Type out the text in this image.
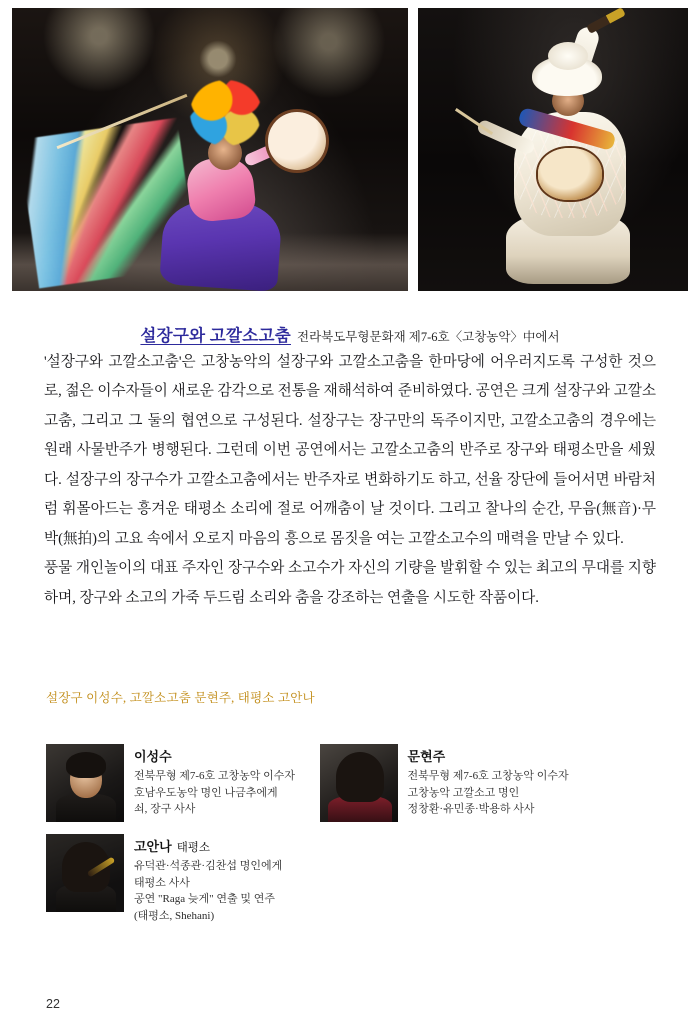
설장구와 고깔소고춤 전라북도무형문화재 제7-6호〈고창농악〉中에서

'설장구와 고깔소고춤'은 고창농악의 설장구와 고깔소고춤을 한마당에 어우러지도록 구성한 것으로, 젊은 이수자들이 새로운 감각으로 전통을 재해석하여 준비하였다. 공연은 크게 설장구와 고깔소고춤, 그리고 그 둘의 협연으로 구성된다. 설장구는 장구만의 독주이지만, 고깔소고춤의 경우에는 원래 사물반주가 병행된다. 그런데 이번 공연에서는 고깔소고춤의 반주로 장구와 태평소만을 세웠다. 설장구의 장구수가 고깔소고춤에서는 반주자로 변화하기도 하고, 선율 장단에 들어서면 바람처럼 휘몰아드는 흥겨운 태평소 소리에 절로 어깨춤이 날 것이다. 그리고 찰나의 순간, 무음(無音)·무박(無拍)의 고요 속에서 오로지 마음의 흥으로 몸짓을 여는 고깔소고수의 매력을 만날 수 있다.

풍물 개인놀이의 대표 주자인 장구수와 소고수가 자신의 기량을 발휘할 수 있는 최고의 무대를 지향하며, 장구와 소고의 가죽 두드림 소리와 춤을 강조하는 연출을 시도한 작품이다.

설장구 이성수, 고깔소고춤 문현주, 태평소 고안나
이성수
전북무형 제7-6호 고창농악 이수자
호남우도농악 명인 나금추에게
쇠, 장구 사사
문현주
전북무형 제7-6호 고창농악 이수자
고창농악 고깔소고 명인
정창환·유민종·박용하 사사
고안나 태평소
유덕관·석종관·김찬섭 명인에게
태평소 사사
공연 "Raga 늦게" 연출 및 연주
(태평소, Shehani)
22
